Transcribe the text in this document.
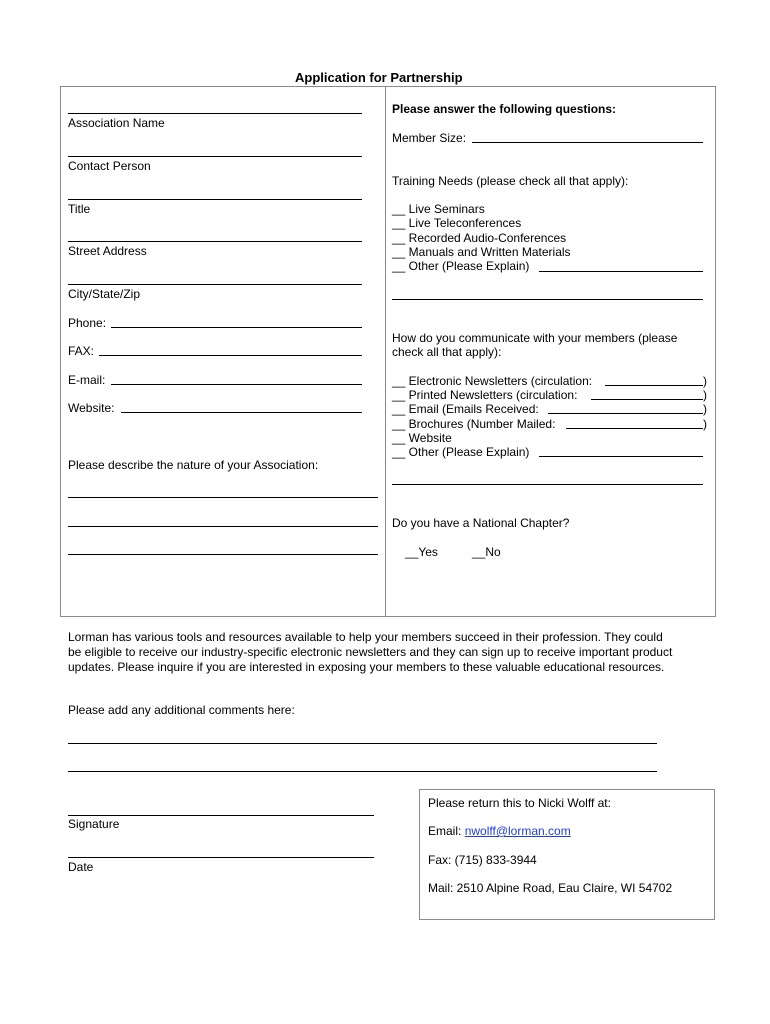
Application for Partnership
Association Name
Contact Person
Title
Street Address
City/State/Zip
Phone:
FAX:
E-mail:
Website:
Please describe the nature of your Association:
Please answer the following questions:
Member Size:
Training Needs (please check all that apply):
__ Live Seminars
__ Live Teleconferences
__ Recorded Audio-Conferences
__ Manuals and Written Materials
__ Other (Please Explain)
How do you communicate with your members (please
check all that apply):
__ Electronic Newsletters (circulation:	)
__ Printed Newsletters (circulation:	)
__ Email (Emails Received:	)
__ Brochures (Number Mailed:	)
__ Website
__ Other (Please Explain)
Do you have a National Chapter?
__Yes	__No
Lorman has various tools and resources available to help your members succeed in their profession. They could
be eligible to receive our industry-specific electronic newsletters and they can sign up to receive important product
updates. Please inquire if you are interested in exposing your members to these valuable educational resources.
Please add any additional comments here:
Signature
Date
Please return this to Nicki Wolff at:
Email: nwolff@lorman.com
Fax: (715) 833-3944
Mail: 2510 Alpine Road, Eau Claire, WI 54702
